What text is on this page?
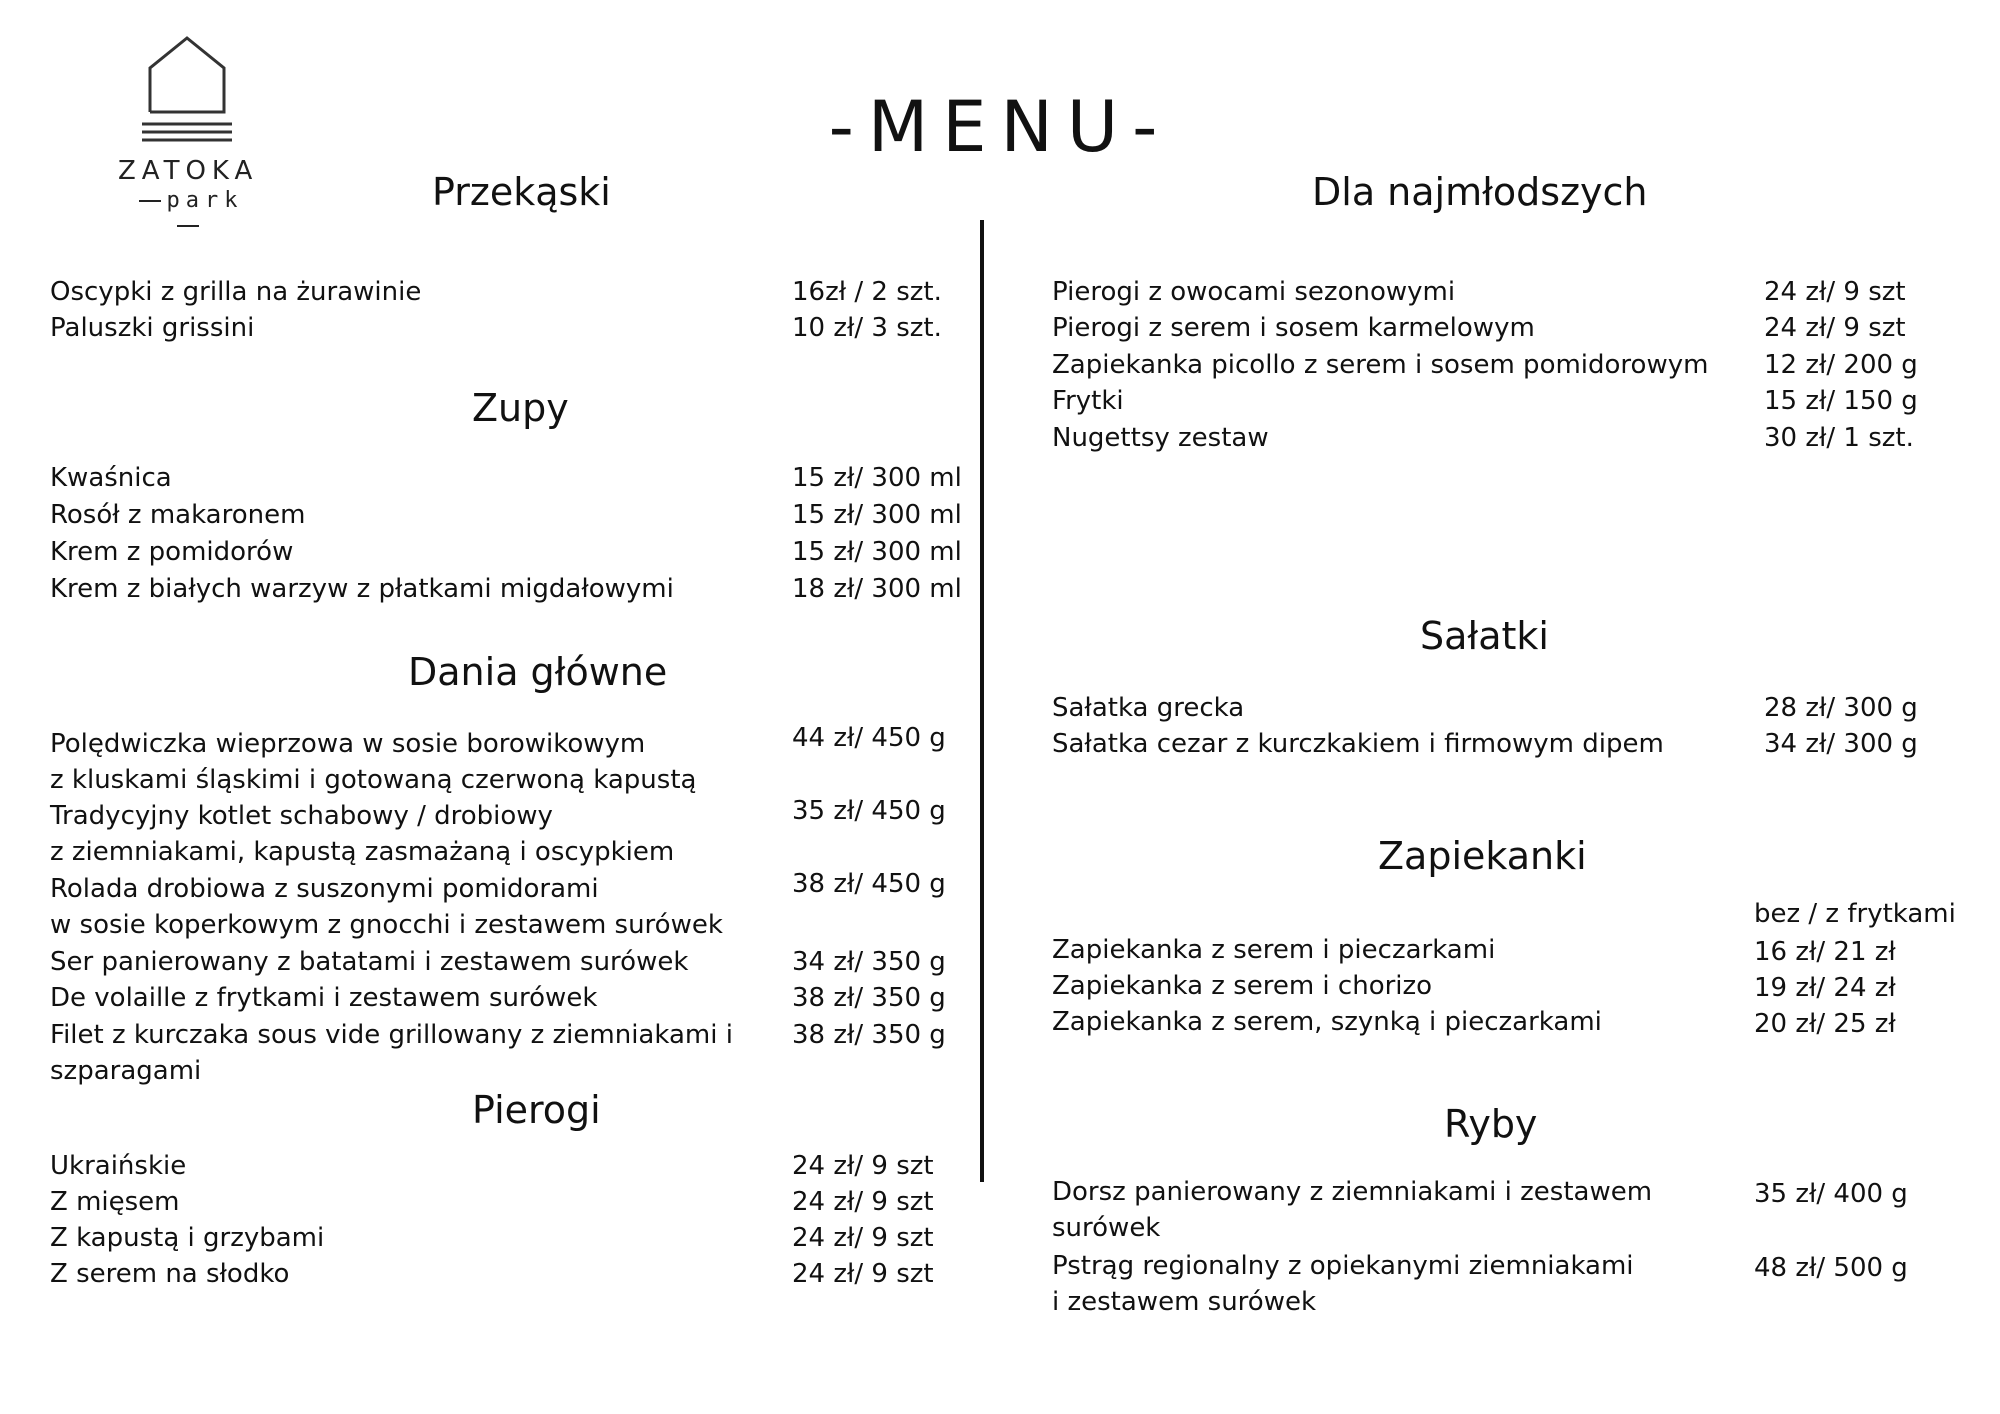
ZATOKA
park
-MENU-
Przekąski
Oscypki z grilla na żurawinie	16zł / 2 szt.
Paluszki grissini	10 zł/ 3 szt.
Zupy
Kwaśnica	15 zł/ 300 ml
Rosół z makaronem	15 zł/ 300 ml
Krem z pomidorów	15 zł/ 300 ml
Krem z białych warzyw z płatkami migdałowymi	18 zł/ 300 ml
Dania główne
Polędwiczka wieprzowa w sosie borowikowym
z kluskami śląskimi i gotowaną czerwoną kapustą
44 zł/ 450 g
Tradycyjny kotlet schabowy / drobiowy
z ziemniakami, kapustą zasmażaną i oscypkiem
35 zł/ 450 g
Rolada drobiowa z suszonymi pomidorami
w sosie koperkowym z gnocchi i zestawem surówek
38 zł/ 450 g
Ser panierowany z batatami i zestawem surówek	34 zł/ 350 g
De volaille z frytkami i zestawem surówek	38 zł/ 350 g
Filet z kurczaka sous vide grillowany z ziemniakami i
szparagami
38 zł/ 350 g
Pierogi
Ukraińskie	24 zł/ 9 szt
Z mięsem	24 zł/ 9 szt
Z kapustą i grzybami	24 zł/ 9 szt
Z serem na słodko	24 zł/ 9 szt
Dla najmłodszych
Pierogi z owocami sezonowymi	24 zł/ 9 szt
Pierogi z serem i sosem karmelowym	24 zł/ 9 szt
Zapiekanka picollo z serem i sosem pomidorowym 12 zł/ 200 g
Frytki	15 zł/ 150 g
Nugettsy zestaw	30 zł/ 1 szt.
Sałatki
Sałatka grecka	28 zł/ 300 g
Sałatka cezar z kurczkakiem i firmowym dipem	34 zł/ 300 g
Zapiekanki
bez / z frytkami
Zapiekanka z serem i pieczarkami	16 zł/ 21 zł
Zapiekanka z serem i chorizo	19 zł/ 24 zł
Zapiekanka z serem, szynką i pieczarkami	20 zł/ 25 zł
Ryby
Dorsz panierowany z ziemniakami i zestawem
surówek
35 zł/ 400 g
Pstrąg regionalny z opiekanymi ziemniakami
i zestawem surówek
48 zł/ 500 g
